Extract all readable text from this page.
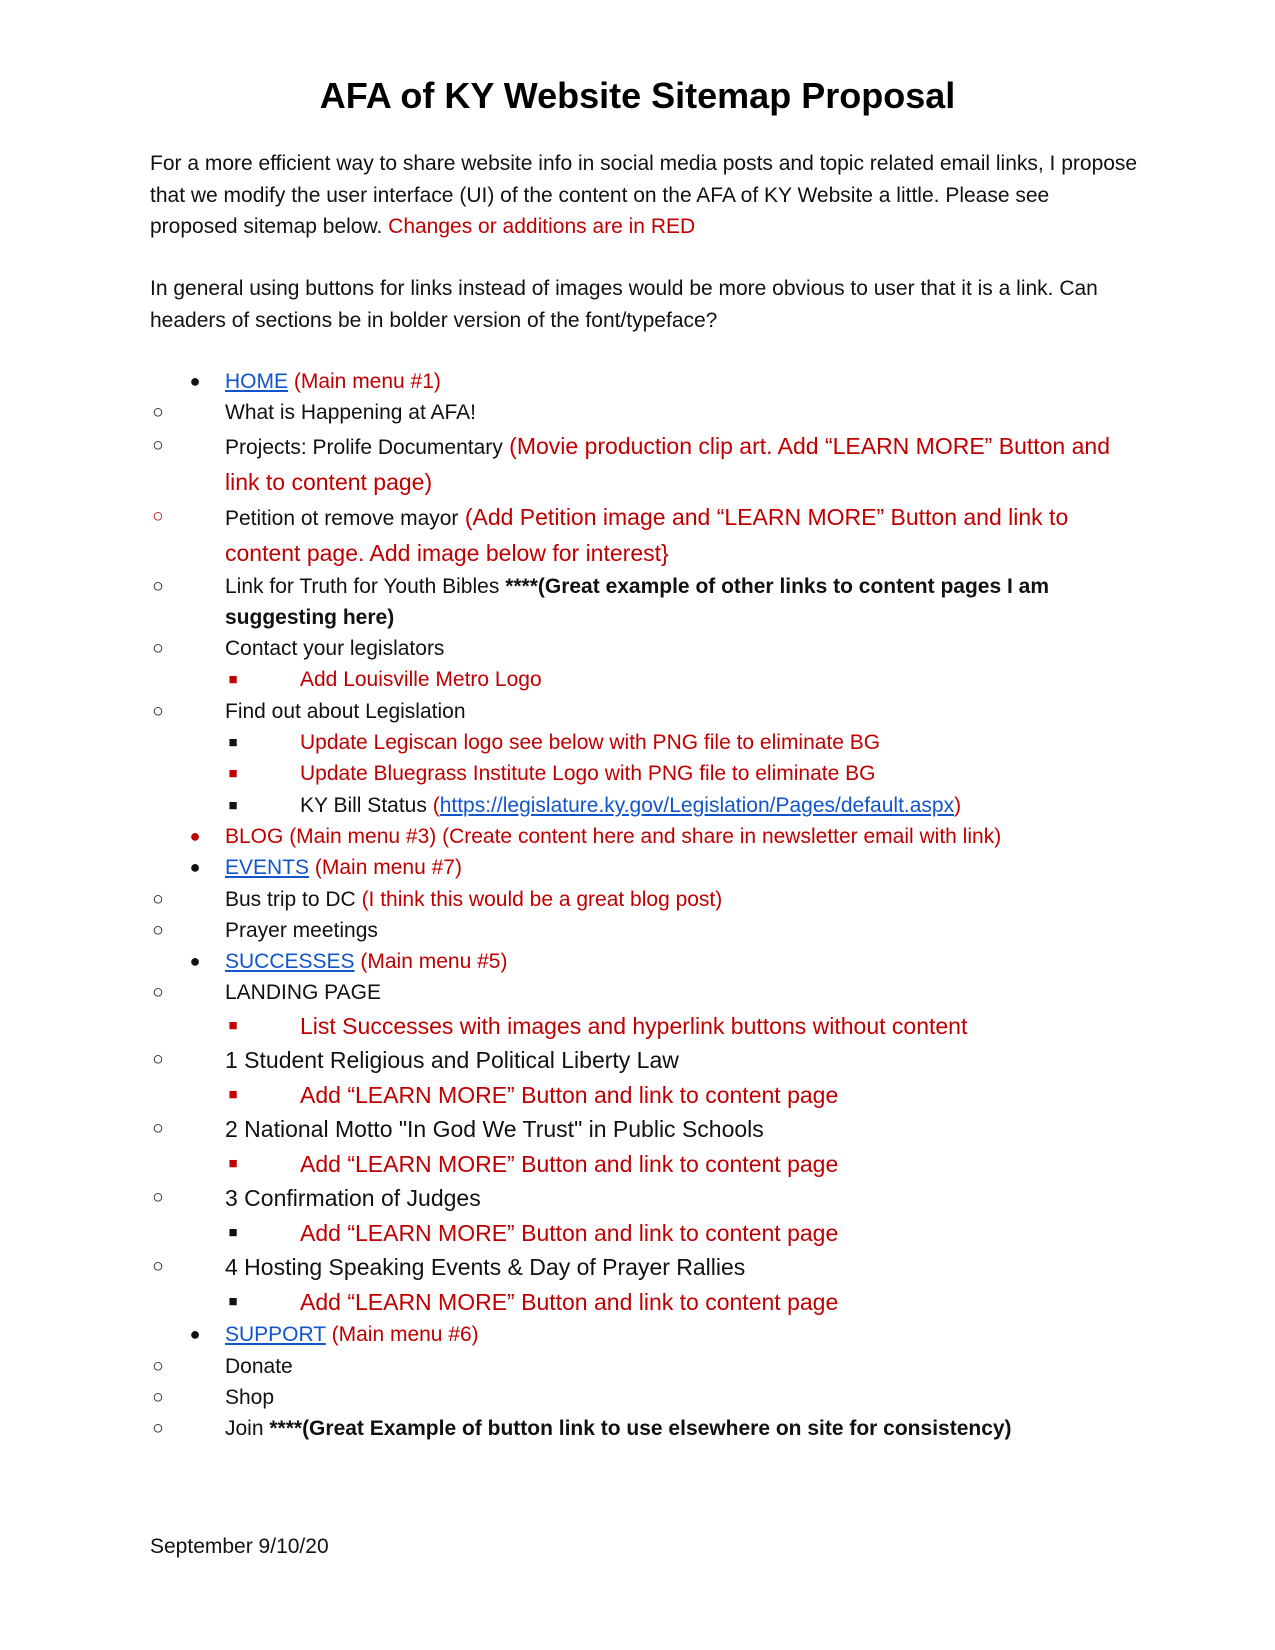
AFA of KY Website Sitemap Proposal

For a more efficient way to share website info in social media posts and topic related email links, I propose that we modify the user interface (UI) of the content on the AFA of KY Website a little. Please see proposed sitemap below. Changes or additions are in RED

In general using buttons for links instead of images would be more obvious to user that it is a link. Can headers of sections be in bolder version of the font/typeface?

● HOME (Main menu #1)
○	What is Happening at AFA!
○	Projects: Prolife Documentary (Movie production clip art. Add “LEARN MORE” Button and link to content page)
○	Petition ot remove mayor (Add Petition image and “LEARN MORE” Button and link to content page. Add image below for interest}
○	Link for Truth for Youth Bibles ****(Great example of other links to content pages I am suggesting here)
○	Contact your legislators
■	Add Louisville Metro Logo
○	Find out about Legislation
■	Update Legiscan logo see below with PNG file to eliminate BG
■	Update Bluegrass Institute Logo with PNG file to eliminate BG
■	KY Bill Status (https://legislature.ky.gov/Legislation/Pages/default.aspx)
● BLOG (Main menu #3) (Create content here and share in newsletter email with link)
● EVENTS (Main menu #7)
○	Bus trip to DC (I think this would be a great blog post)
○	Prayer meetings
● SUCCESSES (Main menu #5)
○	LANDING PAGE
■	List Successes with images and hyperlink buttons without content
○	1 Student Religious and Political Liberty Law
■	Add “LEARN MORE” Button and link to content page
○	2 National Motto "In God We Trust" in Public Schools
■	Add “LEARN MORE” Button and link to content page
○	3 Confirmation of Judges
■	Add “LEARN MORE” Button and link to content page
○	4 Hosting Speaking Events & Day of Prayer Rallies
■	Add “LEARN MORE” Button and link to content page
● SUPPORT (Main menu #6)
○	Donate
○	Shop
○	Join ****(Great Example of button link to use elsewhere on site for consistency)
September 9/10/20
